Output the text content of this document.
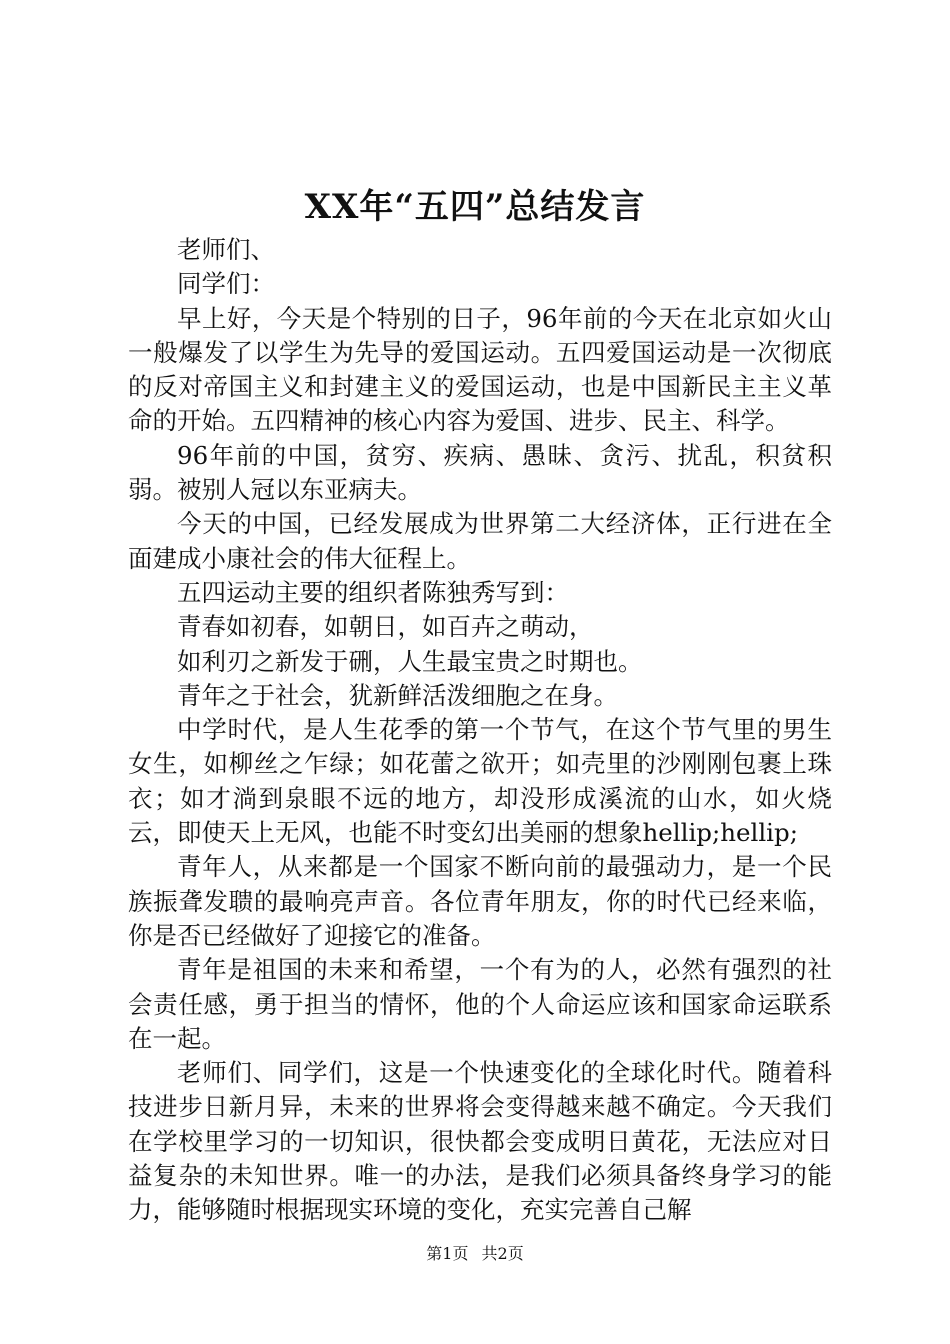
XX年“五四”总结发言

老师们、

同学们：

早上好，今天是个特别的日子，96年前的今天在北京如火山一般爆发了以学生为先导的爱国运动。五四爱国运动是一次彻底的反对帝国主义和封建主义的爱国运动，也是中国新民主主义革命的开始。五四精神的核心内容为爱国、进步、民主、科学。

96年前的中国，贫穷、疾病、愚昧、贪污、扰乱，积贫积弱。被别人冠以东亚病夫。

今天的中国，已经发展成为世界第二大经济体，正行进在全面建成小康社会的伟大征程上。

五四运动主要的组织者陈独秀写到：

青春如初春，如朝日，如百卉之萌动，

如利刃之新发于硎，人生最宝贵之时期也。

青年之于社会，犹新鲜活泼细胞之在身。

中学时代，是人生花季的第一个节气，在这个节气里的男生女生，如柳丝之乍绿；如花蕾之欲开；如壳里的沙刚刚包裹上珠衣；如才淌到泉眼不远的地方，却没形成溪流的山水，如火烧云，即使天上无风，也能不时变幻出美丽的想象hellip;hellip;

青年人，从来都是一个国家不断向前的最强动力，是一个民族振聋发聩的最响亮声音。各位青年朋友，你的时代已经来临，你是否已经做好了迎接它的准备。

青年是祖国的未来和希望，一个有为的人，必然有强烈的社会责任感，勇于担当的情怀，他的个人命运应该和国家命运联系在一起。

老师们、同学们，这是一个快速变化的全球化时代。随着科技进步日新月异，未来的世界将会变得越来越不确定。今天我们在学校里学习的一切知识，很快都会变成明日黄花，无法应对日益复杂的未知世界。唯一的办法，是我们必须具备终身学习的能力，能够随时根据现实环境的变化，充实完善自己解

第1页 共2页
